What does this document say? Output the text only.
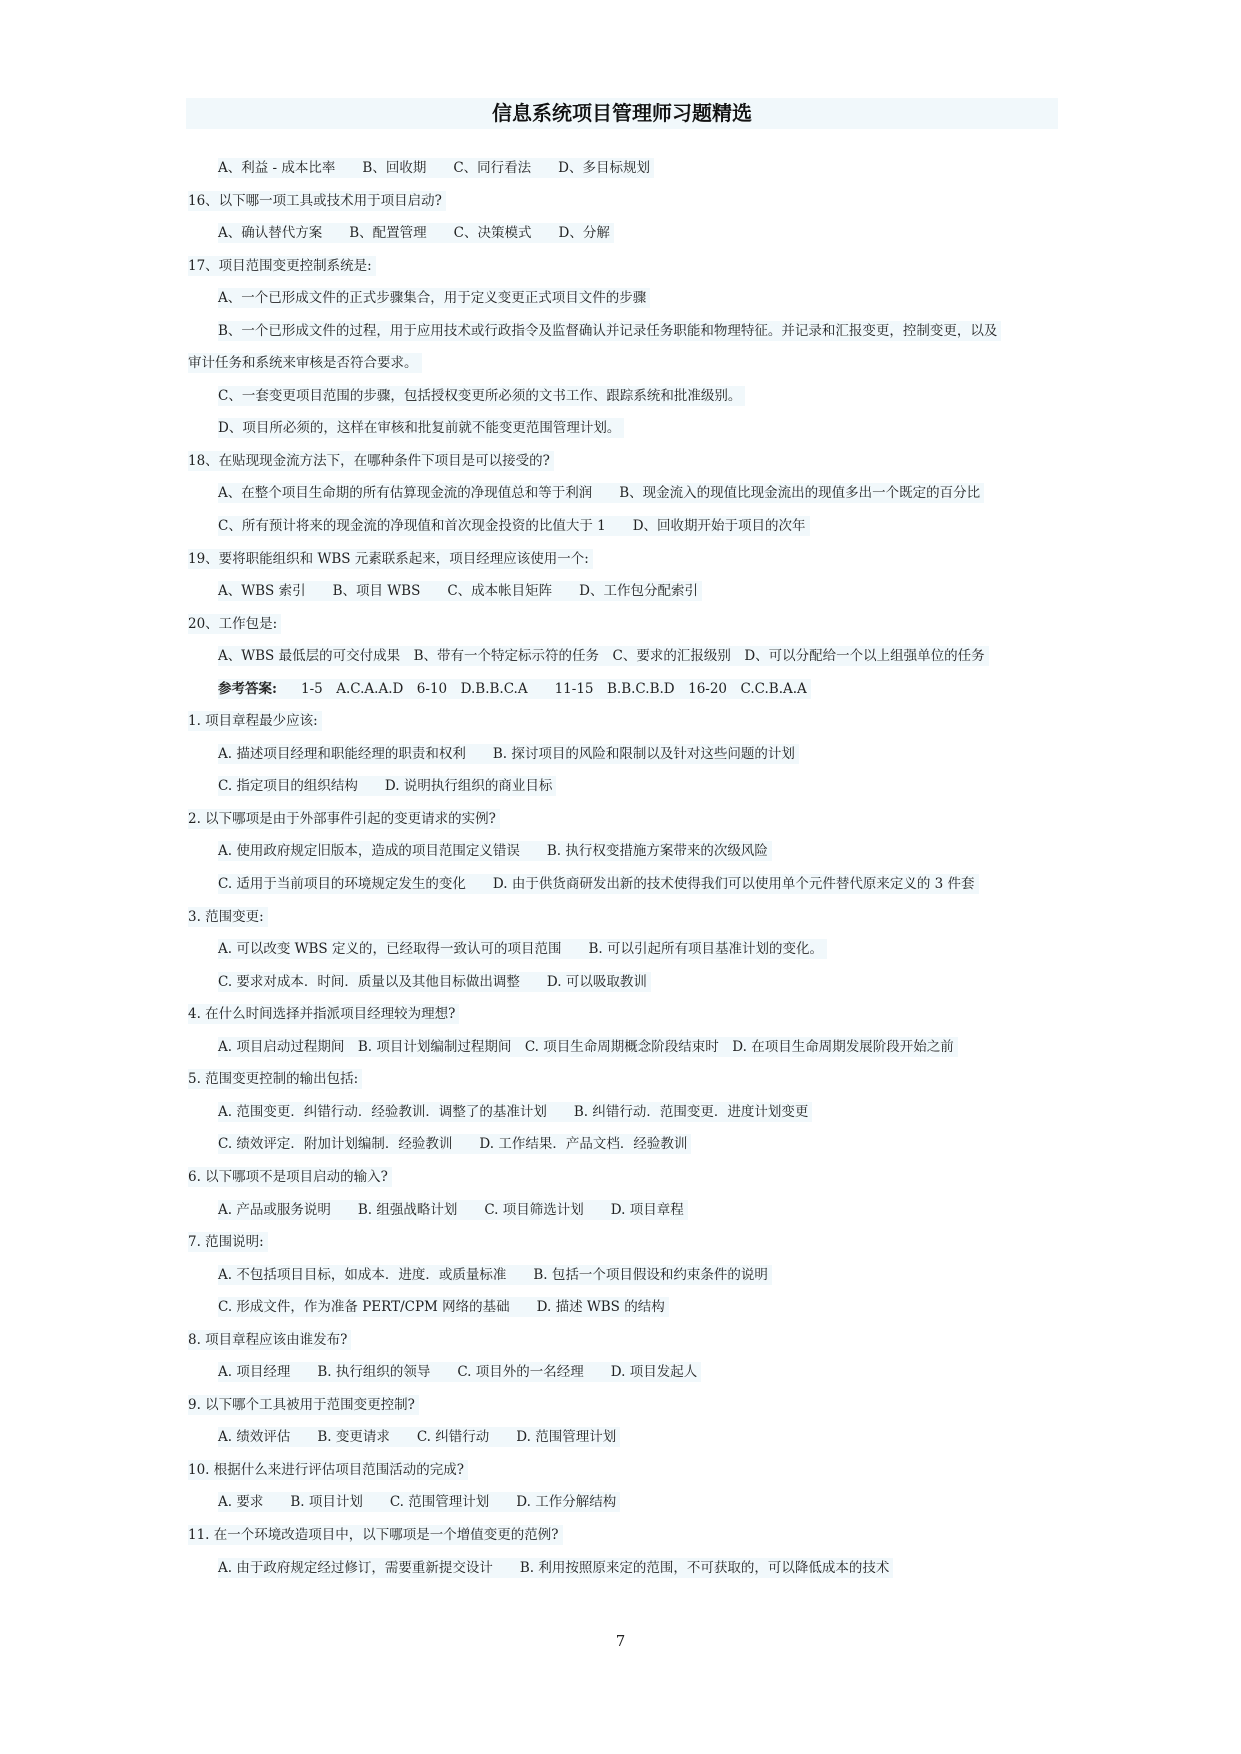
信息系统项目管理师习题精选
A、利益 - 成本比率　　B、回收期　　C、同行看法　　D、多目标规划
16、以下哪一项工具或技术用于项目启动?
A、确认替代方案　　B、配置管理　　C、决策模式　　D、分解
17、项目范围变更控制系统是:
A、一个已形成文件的正式步骤集合，用于定义变更正式项目文件的步骤
B、一个已形成文件的过程，用于应用技术或行政指令及监督确认并记录任务职能和物理特征。并记录和汇报变更，控制变更，以及
审计任务和系统来审核是否符合要求。
C、一套变更项目范围的步骤，包括授权变更所必须的文书工作、跟踪系统和批准级别。
D、项目所必须的，这样在审核和批复前就不能变更范围管理计划。
18、在贴现现金流方法下，在哪种条件下项目是可以接受的?
A、在整个项目生命期的所有估算现金流的净现值总和等于利润　　B、现金流入的现值比现金流出的现值多出一个既定的百分比
C、所有预计将来的现金流的净现值和首次现金投资的比值大于 1　　D、回收期开始于项目的次年
19、要将职能组织和 WBS 元素联系起来，项目经理应该使用一个:
A、WBS 索引　　B、项目 WBS　　C、成本帐目矩阵　　D、工作包分配索引
20、工作包是:
A、WBS 最低层的可交付成果　B、带有一个特定标示符的任务　C、要求的汇报级别　D、可以分配给一个以上组强单位的任务
参考答案: 1-5　A.C.A.A.D　6-10　D.B.B.C.A　　11-15　B.B.C.B.D　16-20　C.C.B.A.A
1. 项目章程最少应该:
A. 描述项目经理和职能经理的职责和权利　　B. 探讨项目的风险和限制以及针对这些问题的计划
C. 指定项目的组织结构　　D. 说明执行组织的商业目标
2. 以下哪项是由于外部事件引起的变更请求的实例?
A. 使用政府规定旧版本，造成的项目范围定义错误　　B. 执行权变措施方案带来的次级风险
C. 适用于当前项目的环境规定发生的变化　　D. 由于供货商研发出新的技术使得我们可以使用单个元件替代原来定义的 3 件套
3. 范围变更:
A. 可以改变 WBS 定义的，已经取得一致认可的项目范围　　B. 可以引起所有项目基准计划的变化。
C. 要求对成本．时间．质量以及其他目标做出调整　　D. 可以吸取教训
4. 在什么时间选择并指派项目经理较为理想?
A. 项目启动过程期间　B. 项目计划编制过程期间　C. 项目生命周期概念阶段结束时　D. 在项目生命周期发展阶段开始之前
5. 范围变更控制的输出包括:
A. 范围变更．纠错行动．经验教训．调整了的基准计划　　B. 纠错行动．范围变更．进度计划变更
C. 绩效评定．附加计划编制．经验教训　　D. 工作结果．产品文档．经验教训
6. 以下哪项不是项目启动的输入?
A. 产品或服务说明　　B. 组强战略计划　　C. 项目筛选计划　　D. 项目章程
7. 范围说明:
A. 不包括项目目标，如成本．进度．或质量标准　　B. 包括一个项目假设和约束条件的说明
C. 形成文件，作为准备 PERT/CPM 网络的基础　　D. 描述 WBS 的结构
8. 项目章程应该由谁发布?
A. 项目经理　　B. 执行组织的领导　　C. 项目外的一名经理　　D. 项目发起人
9. 以下哪个工具被用于范围变更控制?
A. 绩效评估　　B. 变更请求　　C. 纠错行动　　D. 范围管理计划
10. 根据什么来进行评估项目范围活动的完成?
A. 要求　　B. 项目计划　　C. 范围管理计划　　D. 工作分解结构
11. 在一个环境改造项目中，以下哪项是一个增值变更的范例?
A. 由于政府规定经过修订，需要重新提交设计　　B. 利用按照原来定的范围，不可获取的，可以降低成本的技术
7
